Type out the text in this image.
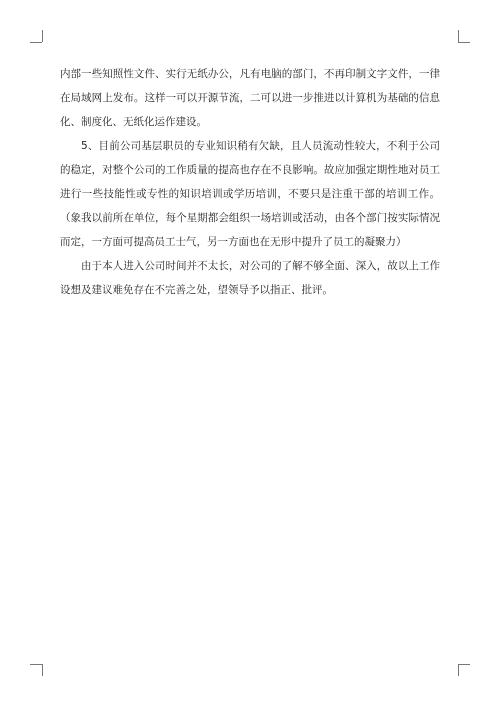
内部一些知照性文件、实行无纸办公，凡有电脑的部门，不再印制文字文件，一律在局域网上发布。这样一可以开源节流，二可以进一步推进以计算机为基础的信息化、制度化、无纸化运作建设。

5、目前公司基层职员的专业知识稍有欠缺，且人员流动性较大，不利于公司的稳定，对整个公司的工作质量的提高也存在不良影响。故应加强定期性地对员工进行一些技能性或专性的知识培训或学历培训，不要只是注重干部的培训工作。（象我以前所在单位，每个星期都会组织一场培训或活动，由各个部门按实际情况而定，一方面可提高员工士气，另一方面也在无形中提升了员工的凝聚力）

由于本人进入公司时间并不太长，对公司的了解不够全面、深入，故以上工作设想及建议难免存在不完善之处，望领导予以指正、批评。
